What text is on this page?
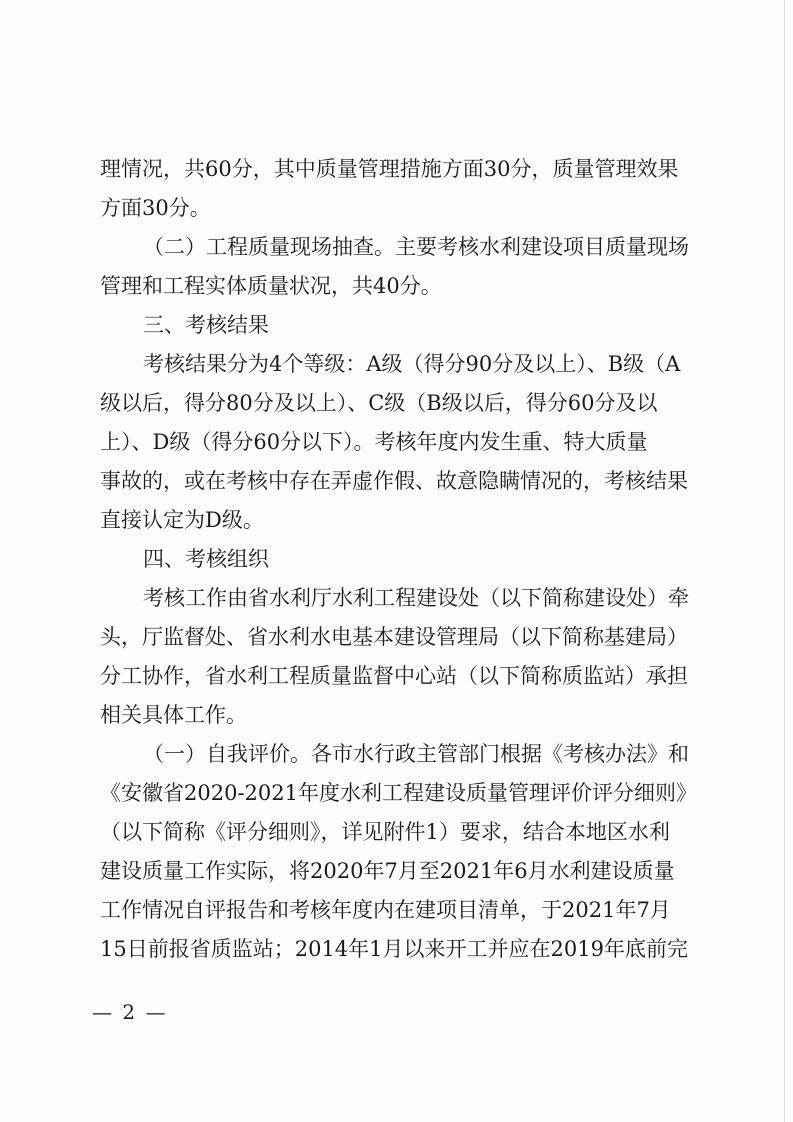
理情况，共60分，其中质量管理措施方面30分，质量管理效果
方面30分。
（二）工程质量现场抽查。主要考核水利建设项目质量现场
管理和工程实体质量状况，共40分。
三、考核结果
考核结果分为4个等级：A级（得分90分及以上）、B级（A
级以后，得分80分及以上）、C级（B级以后，得分60分及以
上）、D级（得分60分以下）。考核年度内发生重、特大质量
事故的，或在考核中存在弄虚作假、故意隐瞒情况的，考核结果
直接认定为D级。
四、考核组织
考核工作由省水利厅水利工程建设处（以下简称建设处）牵
头，厅监督处、省水利水电基本建设管理局（以下简称基建局）
分工协作，省水利工程质量监督中心站（以下简称质监站）承担
相关具体工作。
（一）自我评价。各市水行政主管部门根据《考核办法》和
《安徽省2020-2021年度水利工程建设质量管理评价评分细则》
（以下简称《评分细则》，详见附件1）要求，结合本地区水利
建设质量工作实际，将2020年7月至2021年6月水利建设质量
工作情况自评报告和考核年度内在建项目清单，于2021年7月
15日前报省质监站；2014年1月以来开工并应在2019年底前完
— 2 —
